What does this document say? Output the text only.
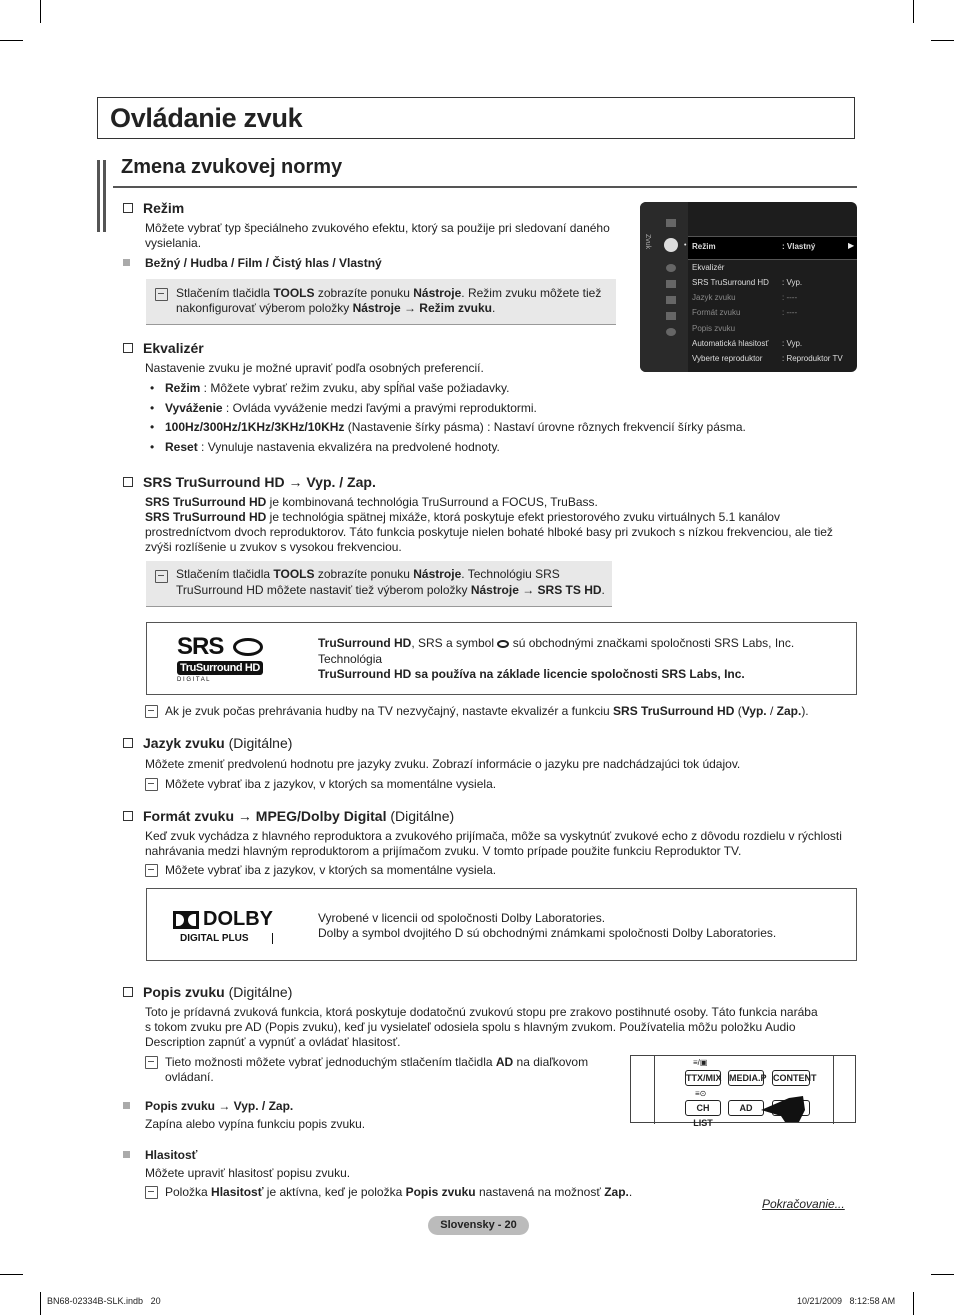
Ovládanie zvuk
Zmena zvukovej normy
Režim
Môžete vybrať typ špeciálneho zvukového efektu, ktorý sa použije pri sledovaní daného
vysielania.
Bežný / Hudba / Film / Čistý hlas / Vlastný
Stlačením tlačidla TOOLS zobrazíte ponuku Nástroje. Režim zvuku môžete tiež
nakonfigurovať výberom položky Nástroje → Režim zvuku.
Zvuk	▶
• Režim	: Vlastný
Ekvalizér
SRS TruSurround HD : Vyp.
Jazyk zvuku	: ----
Formát zvuku	: ----
Popis zvuku
Automatická hlasitosť : Vyp.
Vyberte reproduktor : Reproduktor TV
Ekvalizér
Nastavenie zvuku je možné upraviť podľa osobných preferencií.
• Režim : Môžete vybrať režim zvuku, aby spĺňal vaše požiadavky.
• Vyváženie : Ovláda vyváženie medzi ľavými a pravými reproduktormi.
• 100Hz/300Hz/1KHz/3KHz/10KHz (Nastavenie šírky pásma) : Nastaví úrovne rôznych frekvencií šírky pásma.
• Reset : Vynuluje nastavenia ekvalizéra na predvolené hodnoty.
SRS TruSurround HD → Vyp. / Zap.
SRS TruSurround HD je kombinovaná technológia TruSurround a FOCUS, TruBass.
SRS TruSurround HD je technológia spätnej mixáže, ktorá poskytuje efekt priestorového zvuku virtuálnych 5.1 kanálov
prostredníctvom dvoch reproduktorov. Táto funkcia poskytuje nielen bohaté hlboké basy pri zvukoch s nízkou frekvenciou, ale tiež
zvýši rozlíšenie u zvukov s vysokou frekvenciou.
Stlačením tlačidla TOOLS zobrazíte ponuku Nástroje. Technológiu SRS
TruSurround HD môžete nastaviť tiež výberom položky Nástroje → SRS TS HD.
SRS
TruSurround HD
D I G I T A L
TruSurround HD, SRS a symbol  sú obchodnými značkami spoločnosti SRS Labs, Inc.
Technológia
TruSurround HD sa používa na základe licencie spoločnosti SRS Labs, Inc.
Ak je zvuk počas prehrávania hudby na TV nezvyčajný, nastavte ekvalizér a funkciu SRS TruSurround HD (Vyp. / Zap.).
Jazyk zvuku (Digitálne)
Môžete zmeniť predvolenú hodnotu pre jazyky zvuku. Zobrazí informácie o jazyku pre nadchádzajúci tok údajov.
Môžete vybrať iba z jazykov, v ktorých sa momentálne vysiela.
Formát zvuku → MPEG/Dolby Digital (Digitálne)
Keď zvuk vychádza z hlavného reproduktora a zvukového prijímača, môže sa vyskytnúť zvukové echo z dôvodu rozdielu v rýchlosti
nahrávania medzi hlavným reproduktorom a prijímačom zvuku. V tomto prípade použite funkciu Reproduktor TV.
Môžete vybrať iba z jazykov, v ktorých sa momentálne vysiela.
DOLBY
DIGITAL PLUS
Vyrobené v licencii od spoločnosti Dolby Laboratories.
Dolby a symbol dvojitého D sú obchodnými známkami spoločnosti Dolby Laboratories.
Popis zvuku (Digitálne)
Toto je prídavná zvuková funkcia, ktorá poskytuje dodatočnú zvukovú stopu pre zrakovo postihnuté osoby. Táto funkcia narába
s tokom zvuku pre AD (Popis zvuku), keď ju vysielateľ odosiela spolu s hlavným zvukom. Používatelia môžu položku Audio
Description zapnúť a vypnúť a ovládať hlasitosť.
Tieto možnosti môžete vybrať jednoduchým stlačením tlačidla AD na diaľkovom
ovládaní.
Popis zvuku → Vyp. / Zap.
Zapína alebo vypína funkciu popis zvuku.
Hlasitosť
Môžete upraviť hlasitosť popisu zvuku.
Položka Hlasitosť je aktívna, keď je položka Popis zvuku nastavená na možnosť Zap..
≡/▣
≡⊙
TTX/MIX MEDIA.P CONTENT
CH LIST
AD
Pokračovanie...
Slovensky - 20
BN68-02334B-SLK.indb   20	10/21/2009   8:12:58 AM
